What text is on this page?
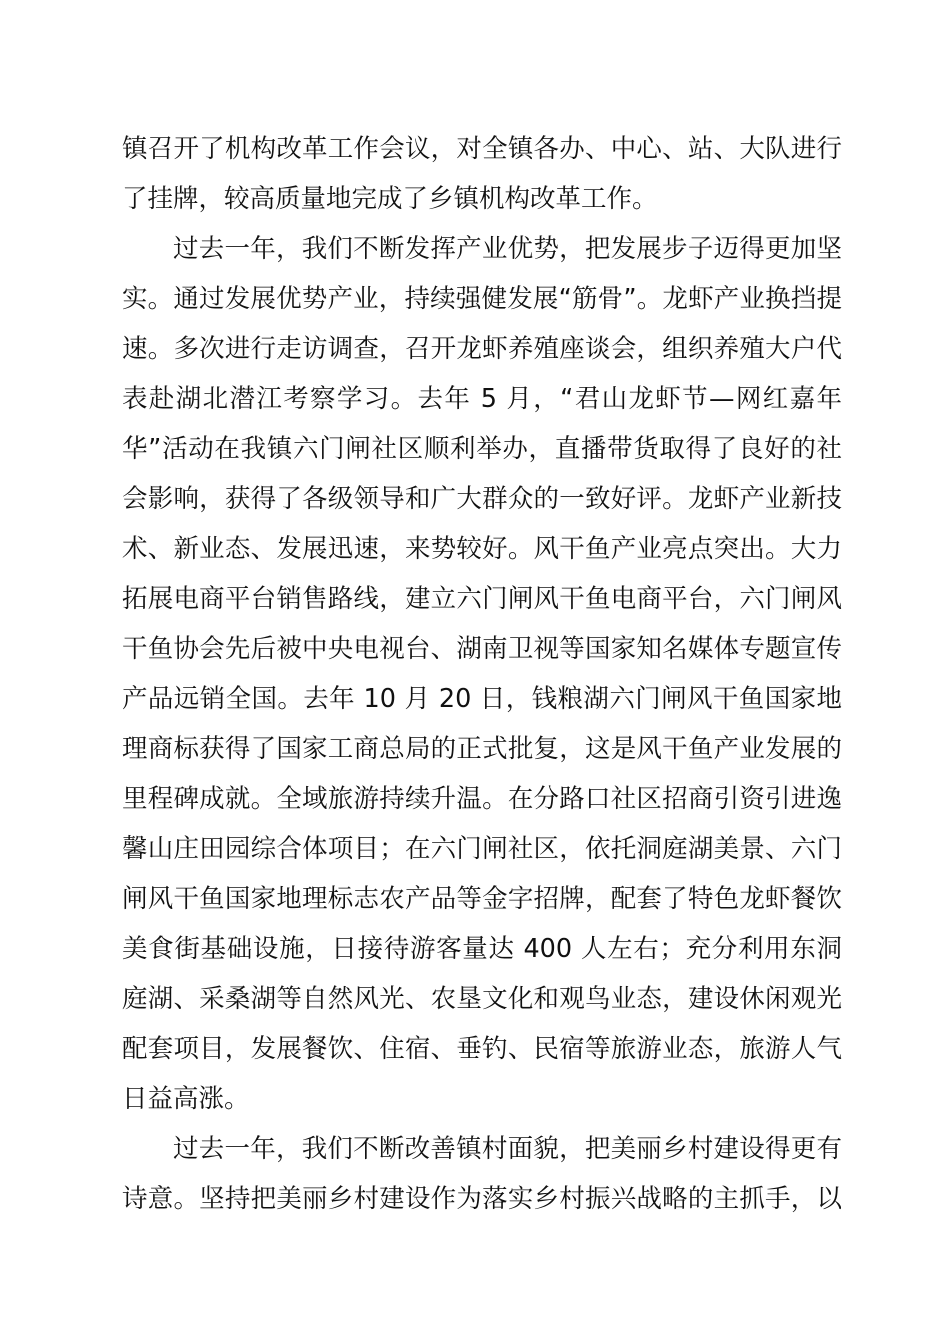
镇召开了机构改革工作会议，对全镇各办、中心、站、大队进行
了挂牌，较高质量地完成了乡镇机构改革工作。
过去一年，我们不断发挥产业优势，把发展步子迈得更加坚
实。通过发展优势产业，持续强健发展“筋骨”。龙虾产业换挡提
速。多次进行走访调查，召开龙虾养殖座谈会，组织养殖大户代
表赴湖北潜江考察学习。去年 5 月，“君山龙虾节—网红嘉年
华”活动在我镇六门闸社区顺利举办，直播带货取得了良好的社
会影响，获得了各级领导和广大群众的一致好评。龙虾产业新技
术、新业态、发展迅速，来势较好。风干鱼产业亮点突出。大力
拓展电商平台销售路线，建立六门闸风干鱼电商平台，六门闸风
干鱼协会先后被中央电视台、湖南卫视等国家知名媒体专题宣传
产品远销全国。去年 10 月 20 日，钱粮湖六门闸风干鱼国家地
理商标获得了国家工商总局的正式批复，这是风干鱼产业发展的
里程碑成就。全域旅游持续升温。在分路口社区招商引资引进逸
馨山庄田园综合体项目；在六门闸社区，依托洞庭湖美景、六门
闸风干鱼国家地理标志农产品等金字招牌，配套了特色龙虾餐饮
美食街基础设施，日接待游客量达 400 人左右；充分利用东洞
庭湖、采桑湖等自然风光、农垦文化和观鸟业态，建设休闲观光
配套项目，发展餐饮、住宿、垂钓、民宿等旅游业态，旅游人气
日益高涨。
过去一年，我们不断改善镇村面貌，把美丽乡村建设得更有
诗意。坚持把美丽乡村建设作为落实乡村振兴战略的主抓手，以
